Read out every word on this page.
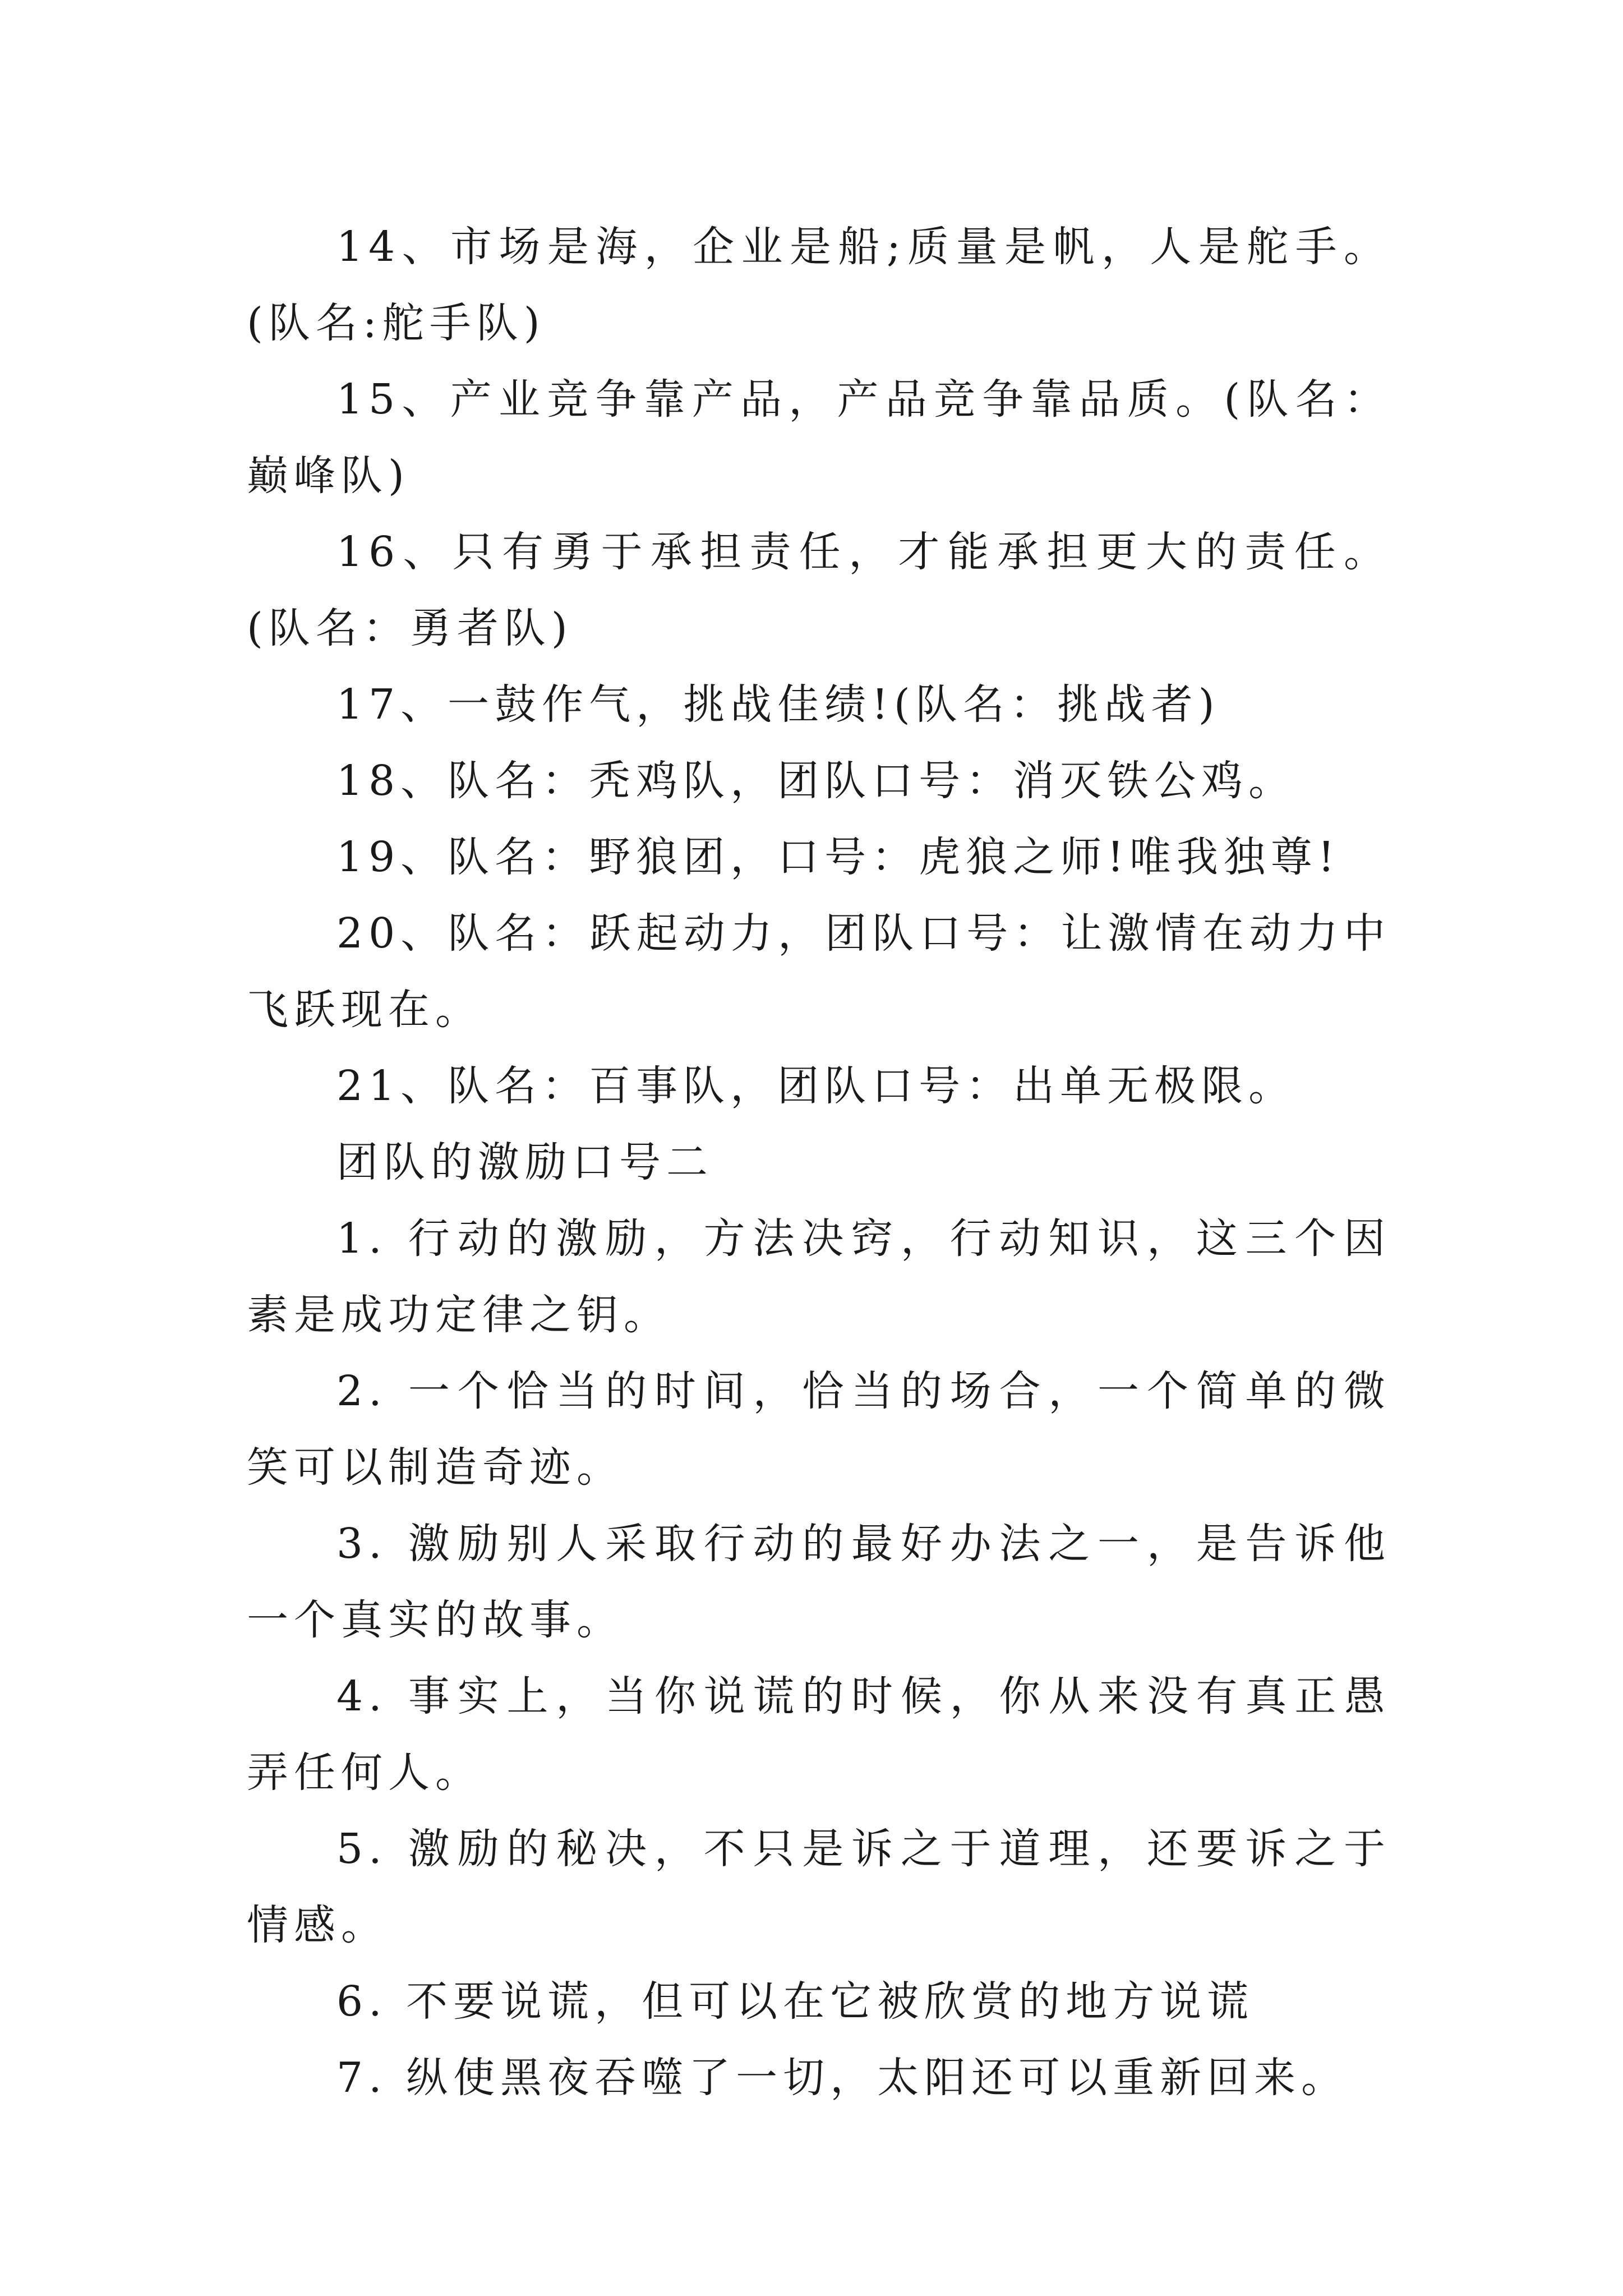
14、市场是海，企业是船;质量是帆，人是舵手。(队名:舵手队)

15、产业竞争靠产品，产品竞争靠品质。(队名：巅峰队)

16、只有勇于承担责任，才能承担更大的责任。(队名：勇者队)

17、一鼓作气，挑战佳绩!(队名：挑战者)

18、队名：秃鸡队，团队口号：消灭铁公鸡。

19、队名：野狼团，口号：虎狼之师!唯我独尊!

20、队名：跃起动力，团队口号：让激情在动力中飞跃现在。

21、队名：百事队，团队口号：出单无极限。

团队的激励口号二

1. 行动的激励，方法决窍，行动知识，这三个因素是成功定律之钥。

2. 一个恰当的时间，恰当的场合，一个简单的微笑可以制造奇迹。

3. 激励别人采取行动的最好办法之一，是告诉他一个真实的故事。

4. 事实上，当你说谎的时候，你从来没有真正愚弄任何人。

5. 激励的秘决，不只是诉之于道理，还要诉之于情感。

6. 不要说谎，但可以在它被欣赏的地方说谎

7. 纵使黑夜吞噬了一切，太阳还可以重新回来。
